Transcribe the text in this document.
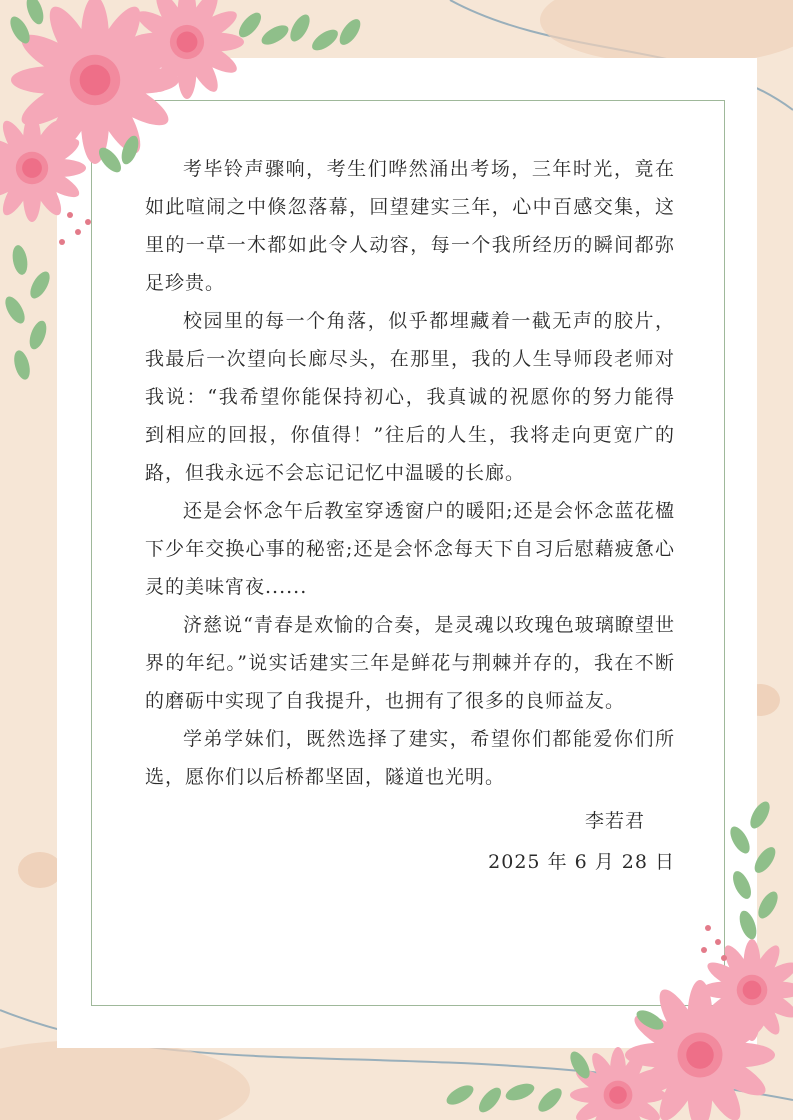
考毕铃声骤响，考生们哗然涌出考场，三年时光，竟在如此喧闹之中倏忽落幕，回望建实三年，心中百感交集，这里的一草一木都如此令人动容，每一个我所经历的瞬间都弥足珍贵。

校园里的每一个角落，似乎都埋藏着一截无声的胶片，我最后一次望向长廊尽头，在那里，我的人生导师段老师对我说：“我希望你能保持初心，我真诚的祝愿你的努力能得到相应的回报，你值得！”往后的人生，我将走向更宽广的路，但我永远不会忘记记忆中温暖的长廊。

还是会怀念午后教室穿透窗户的暖阳;还是会怀念蓝花楹下少年交换心事的秘密;还是会怀念每天下自习后慰藉疲惫心灵的美味宵夜......

济慈说“青春是欢愉的合奏，是灵魂以玫瑰色玻璃瞭望世界的年纪。”说实话建实三年是鲜花与荆棘并存的，我在不断的磨砺中实现了自我提升，也拥有了很多的良师益友。

学弟学妹们，既然选择了建实，希望你们都能爱你们所选，愿你们以后桥都坚固，隧道也光明。

李若君
2025 年 6 月 28 日
